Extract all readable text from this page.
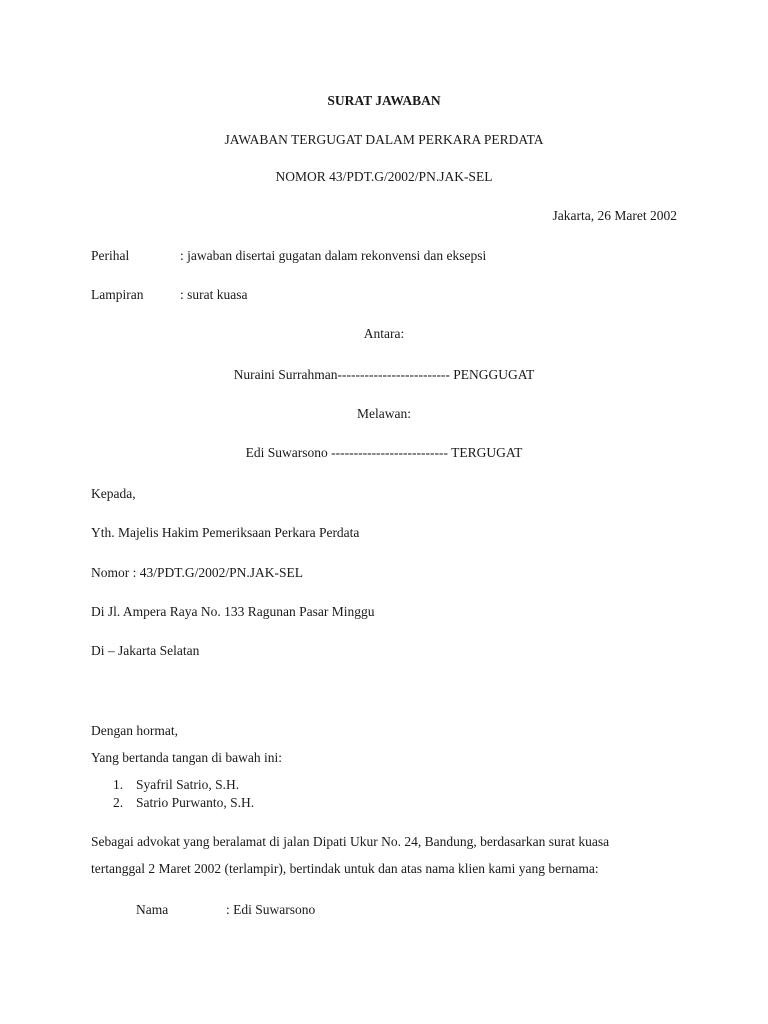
SURAT JAWABAN
JAWABAN TERGUGAT DALAM PERKARA PERDATA
NOMOR 43/PDT.G/2002/PN.JAK-SEL
Jakarta, 26 Maret 2002
Perihal	: jawaban disertai gugatan dalam rekonvensi dan eksepsi
Lampiran	: surat kuasa
Antara:
Nuraini Surrahman------------------------- PENGGUGAT
Melawan:
Edi Suwarsono -------------------------- TERGUGAT
Kepada,
Yth. Majelis Hakim Pemeriksaan Perkara Perdata
Nomor : 43/PDT.G/2002/PN.JAK-SEL
Di Jl. Ampera Raya No. 133 Ragunan Pasar Minggu
Di – Jakarta Selatan
Dengan hormat,
Yang bertanda tangan di bawah ini:
1. Syafril Satrio, S.H.
2. Satrio Purwanto, S.H.
Sebagai advokat yang beralamat di jalan Dipati Ukur No. 24, Bandung, berdasarkan surat kuasa
tertanggal 2 Maret 2002 (terlampir), bertindak untuk dan atas nama klien kami yang bernama:
Nama	: Edi Suwarsono
